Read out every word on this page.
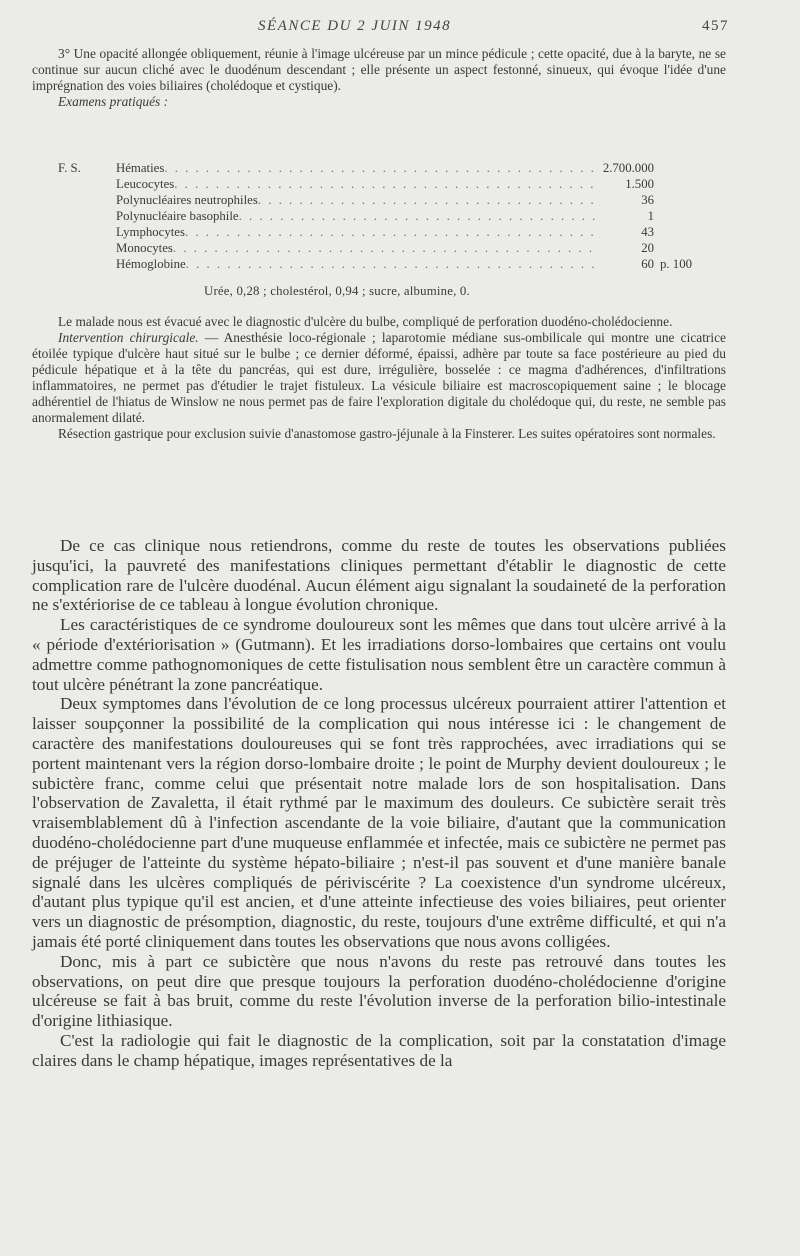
SÉANCE DU 2 JUIN 1948	457

3° Une opacité allongée obliquement, réunie à l'image ulcéreuse par un mince pédicule ; cette opacité, due à la baryte, ne se continue sur aucun cliché avec le duodénum descendant ; elle présente un aspect festonné, sinueux, qui évoque l'idée d'une imprégnation des voies biliaires (cholédoque et cystique).

Examens pratiqués :

F. S.	Hématies . . .	2.700.000
Leucocytes . . .	1.500
Polynucléaires neutrophiles . . .	36
Polynucléaire basophile . . .	1
Lymphocytes . . .	43
Monocytes . . .	20
Hémoglobine . . .	60 p. 100
Urée, 0,28 ; cholestérol, 0,94 ; sucre, albumine, 0.

Le malade nous est évacué avec le diagnostic d'ulcère du bulbe, compliqué de perforation duodéno-cholédocienne.

Intervention chirurgicale. — Anesthésie loco-régionale ; laparotomie médiane sus-ombilicale qui montre une cicatrice étoilée typique d'ulcère haut situé sur le bulbe ; ce dernier déformé, épaissi, adhère par toute sa face postérieure au pied du pédicule hépatique et à la tête du pancréas, qui est dure, irrégulière, bosselée : ce magma d'adhérences, d'infiltrations inflammatoires, ne permet pas d'étudier le trajet fistuleux. La vésicule biliaire est macroscopiquement saine ; le blocage adhérentiel de l'hiatus de Winslow ne nous permet pas de faire l'exploration digitale du cholédoque qui, du reste, ne semble pas anormalement dilaté.

Résection gastrique pour exclusion suivie d'anastomose gastro-jéjunale à la Finsterer. Les suites opératoires sont normales.

De ce cas clinique nous retiendrons, comme du reste de toutes les observations publiées jusqu'ici, la pauvreté des manifestations cliniques permettant d'établir le diagnostic de cette complication rare de l'ulcère duodénal. Aucun élément aigu signalant la soudaineté de la perforation ne s'extériorise de ce tableau à longue évolution chronique.

Les caractéristiques de ce syndrome douloureux sont les mêmes que dans tout ulcère arrivé à la « période d'extériorisation » (Gutmann). Et les irradiations dorso-lombaires que certains ont voulu admettre comme pathognomoniques de cette fistulisation nous semblent être un caractère commun à tout ulcère pénétrant la zone pancréatique.

Deux symptomes dans l'évolution de ce long processus ulcéreux pourraient attirer l'attention et laisser soupçonner la possibilité de la complication qui nous intéresse ici : le changement de caractère des manifestations douloureuses qui se font très rapprochées, avec irradiations qui se portent maintenant vers la région dorso-lombaire droite ; le point de Murphy devient douloureux ; le subictère franc, comme celui que présentait notre malade lors de son hospitalisation. Dans l'observation de Zavaletta, il était rythmé par le maximum des douleurs. Ce subictère serait très vraisemblablement dû à l'infection ascendante de la voie biliaire, d'autant que la communication duodéno-cholédocienne part d'une muqueuse enflammée et infectée, mais ce subictère ne permet pas de préjuger de l'atteinte du système hépato-biliaire ; n'est-il pas souvent et d'une manière banale signalé dans les ulcères compliqués de périviscérite ? La coexistence d'un syndrome ulcéreux, d'autant plus typique qu'il est ancien, et d'une atteinte infectieuse des voies biliaires, peut orienter vers un diagnostic de présomption, diagnostic, du reste, toujours d'une extrême difficulté, et qui n'a jamais été porté cliniquement dans toutes les observations que nous avons colligées.

Donc, mis à part ce subictère que nous n'avons du reste pas retrouvé dans toutes les observations, on peut dire que presque toujours la perforation duodéno-cholédocienne d'origine ulcéreuse se fait à bas bruit, comme du reste l'évolution inverse de la perforation bilio-intestinale d'origine lithiasique.

C'est la radiologie qui fait le diagnostic de la complication, soit par la constatation d'image claires dans le champ hépatique, images représentatives de la
